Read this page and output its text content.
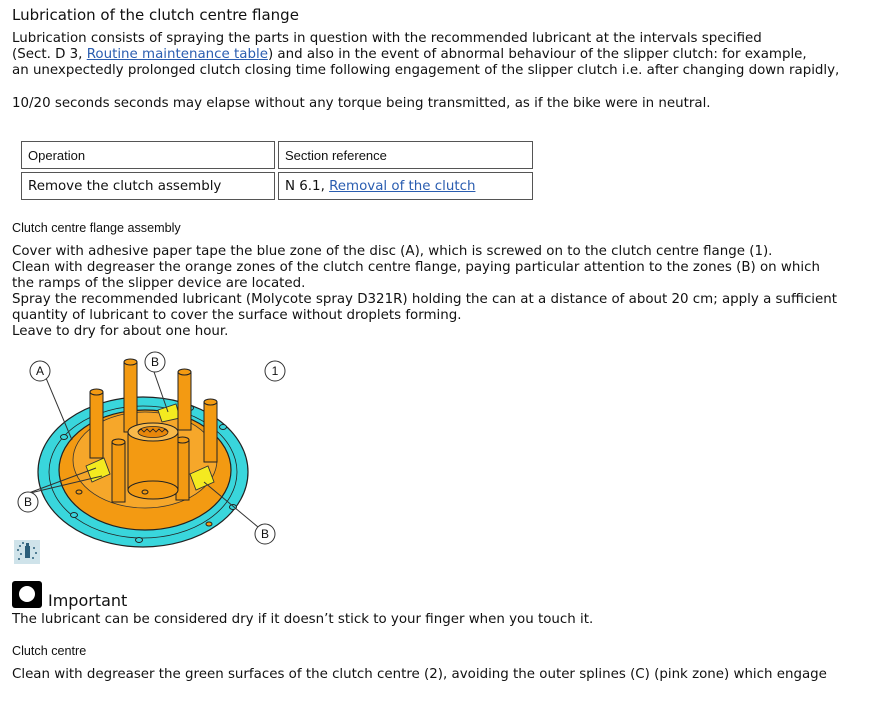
Lubrication of the clutch centre flange
Lubrication consists of spraying the parts in question with the recommended lubricant at the intervals specified
(Sect. D 3, Routine maintenance table) and also in the event of abnormal behaviour of the slipper clutch: for example,
an unexpectedly prolonged clutch closing time following engagement of the slipper clutch i.e. after changing down rapidly,
10/20 seconds seconds may elapse without any torque being transmitted, as if the bike were in neutral.
Operation	Section reference
Remove the clutch assembly	N 6.1, Removal of the clutch
Clutch centre flange assembly
Cover with adhesive paper tape the blue zone of the disc (A), which is screwed on to the clutch centre flange (1).
Clean with degreaser the orange zones of the clutch centre flange, paying particular attention to the zones (B) on which
the ramps of the slipper device are located.
Spray the recommended lubricant (Molycote spray D321R) holding the can at a distance of about 20 cm; apply a sufficient
quantity of lubricant to cover the surface without droplets forming.
Leave to dry for about one hour.
A
B
1
B
B
Important
The lubricant can be considered dry if it doesn’t stick to your finger when you touch it.
Clutch centre
Clean with degreaser the green surfaces of the clutch centre (2), avoiding the outer splines (C) (pink zone) which engage
